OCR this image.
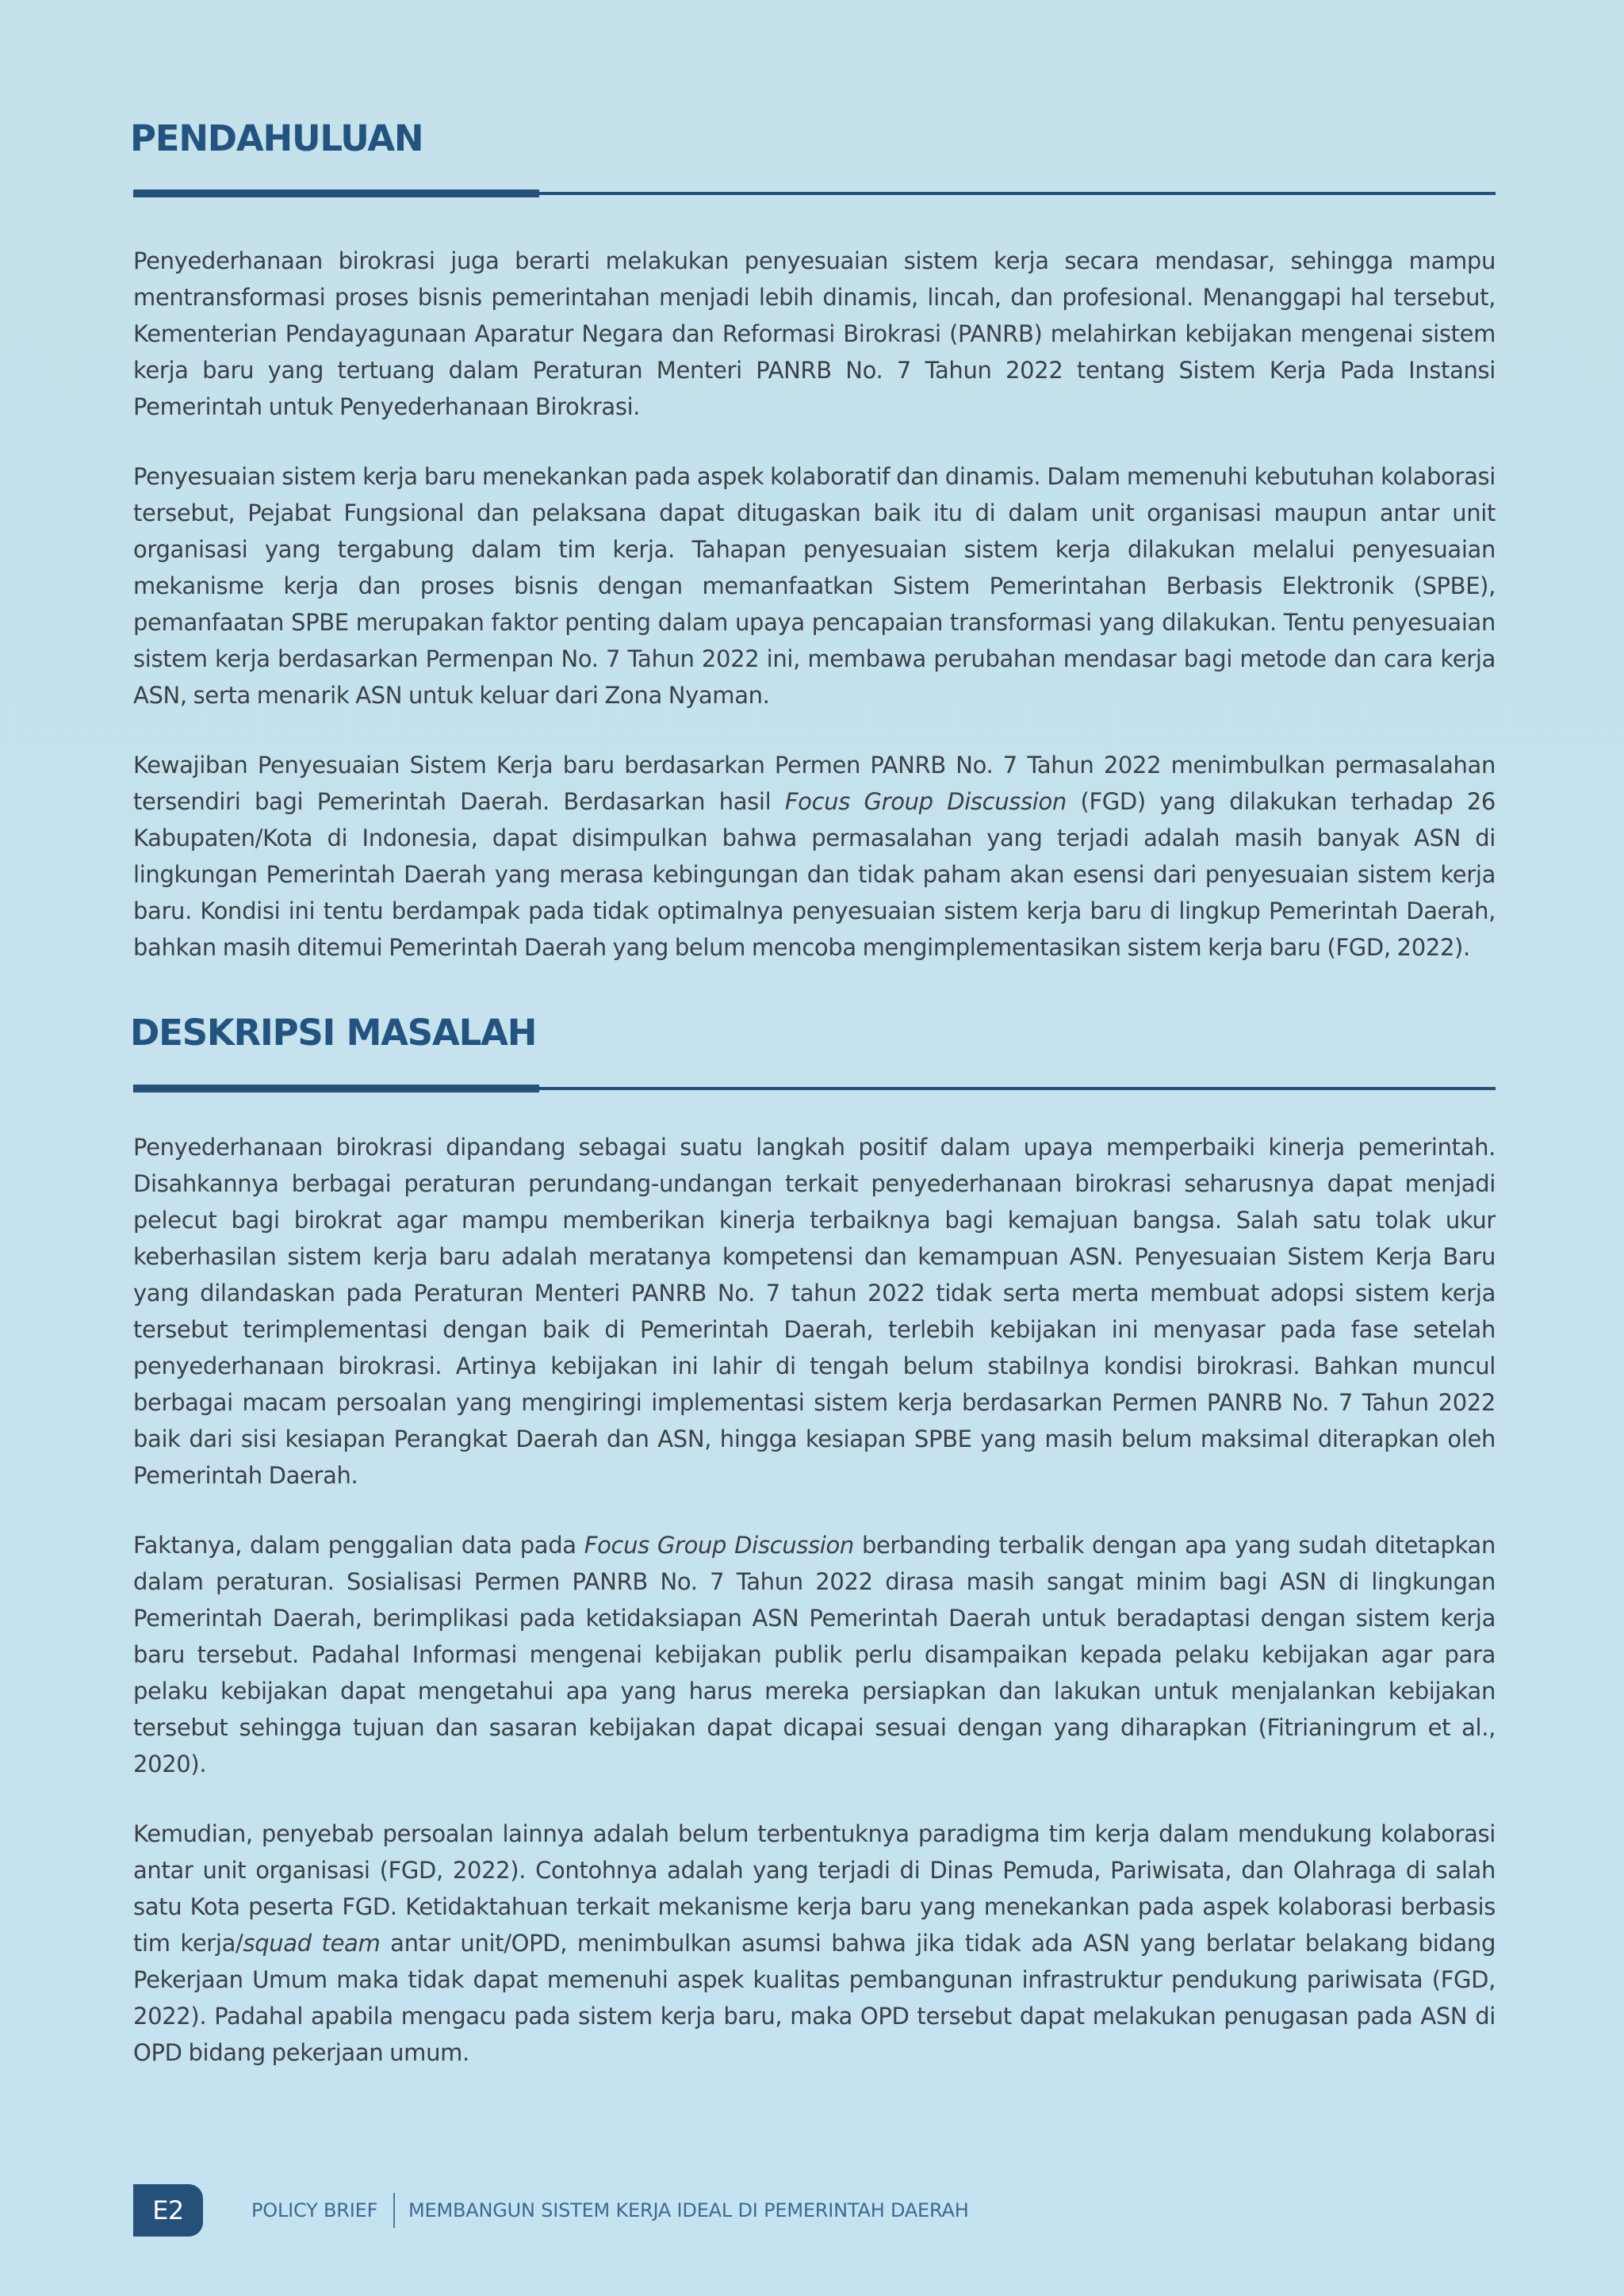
PENDAHULUAN

Penyederhanaan birokrasi juga berarti melakukan penyesuaian sistem kerja secara mendasar, sehingga mampu mentransformasi proses bisnis pemerintahan menjadi lebih dinamis, lincah, dan profesional. Menanggapi hal tersebut, Kementerian Pendayagunaan Aparatur Negara dan Reformasi Birokrasi (PANRB) melahirkan kebijakan mengenai sistem kerja baru yang tertuang dalam Peraturan Menteri PANRB No. 7 Tahun 2022 tentang Sistem Kerja Pada Instansi Pemerintah untuk Penyederhanaan Birokrasi.

Penyesuaian sistem kerja baru menekankan pada aspek kolaboratif dan dinamis. Dalam memenuhi kebutuhan kolaborasi tersebut, Pejabat Fungsional dan pelaksana dapat ditugaskan baik itu di dalam unit organisasi maupun antar unit organisasi yang tergabung dalam tim kerja. Tahapan penyesuaian sistem kerja dilakukan melalui penyesuaian mekanisme kerja dan proses bisnis dengan memanfaatkan Sistem Pemerintahan Berbasis Elektronik (SPBE), pemanfaatan SPBE merupakan faktor penting dalam upaya pencapaian transformasi yang dilakukan. Tentu penyesuaian sistem kerja berdasarkan Permenpan No. 7 Tahun 2022 ini, membawa perubahan mendasar bagi metode dan cara kerja ASN, serta menarik ASN untuk keluar dari Zona Nyaman.

Kewajiban Penyesuaian Sistem Kerja baru berdasarkan Permen PANRB No. 7 Tahun 2022 menimbulkan permasalahan tersendiri bagi Pemerintah Daerah. Berdasarkan hasil Focus Group Discussion (FGD) yang dilakukan terhadap 26 Kabupaten/Kota di Indonesia, dapat disimpulkan bahwa permasalahan yang terjadi adalah masih banyak ASN di lingkungan Pemerintah Daerah yang merasa kebingungan dan tidak paham akan esensi dari penyesuaian sistem kerja baru. Kondisi ini tentu berdampak pada tidak optimalnya penyesuaian sistem kerja baru di lingkup Pemerintah Daerah, bahkan masih ditemui Pemerintah Daerah yang belum mencoba mengimplementasikan sistem kerja baru (FGD, 2022).

DESKRIPSI MASALAH

Penyederhanaan birokrasi dipandang sebagai suatu langkah positif dalam upaya memperbaiki kinerja pemerintah. Disahkannya berbagai peraturan perundang-undangan terkait penyederhanaan birokrasi seharusnya dapat menjadi pelecut bagi birokrat agar mampu memberikan kinerja terbaiknya bagi kemajuan bangsa. Salah satu tolak ukur keberhasilan sistem kerja baru adalah meratanya kompetensi dan kemampuan ASN. Penyesuaian Sistem Kerja Baru yang dilandaskan pada Peraturan Menteri PANRB No. 7 tahun 2022 tidak serta merta membuat adopsi sistem kerja tersebut terimplementasi dengan baik di Pemerintah Daerah, terlebih kebijakan ini menyasar pada fase setelah penyederhanaan birokrasi. Artinya kebijakan ini lahir di tengah belum stabilnya kondisi birokrasi. Bahkan muncul berbagai macam persoalan yang mengiringi implementasi sistem kerja berdasarkan Permen PANRB No. 7 Tahun 2022 baik dari sisi kesiapan Perangkat Daerah dan ASN, hingga kesiapan SPBE yang masih belum maksimal diterapkan oleh Pemerintah Daerah.

Faktanya, dalam penggalian data pada Focus Group Discussion berbanding terbalik dengan apa yang sudah ditetapkan dalam peraturan. Sosialisasi Permen PANRB No. 7 Tahun 2022 dirasa masih sangat minim bagi ASN di lingkungan Pemerintah Daerah, berimplikasi pada ketidaksiapan ASN Pemerintah Daerah untuk beradaptasi dengan sistem kerja baru tersebut. Padahal Informasi mengenai kebijakan publik perlu disampaikan kepada pelaku kebijakan agar para pelaku kebijakan dapat mengetahui apa yang harus mereka persiapkan dan lakukan untuk menjalankan kebijakan tersebut sehingga tujuan dan sasaran kebijakan dapat dicapai sesuai dengan yang diharapkan (Fitrianingrum et al., 2020).

Kemudian, penyebab persoalan lainnya adalah belum terbentuknya paradigma tim kerja dalam mendukung kolaborasi antar unit organisasi (FGD, 2022). Contohnya adalah yang terjadi di Dinas Pemuda, Pariwisata, dan Olahraga di salah satu Kota peserta FGD. Ketidaktahuan terkait mekanisme kerja baru yang menekankan pada aspek kolaborasi berbasis tim kerja/squad team antar unit/OPD, menimbulkan asumsi bahwa jika tidak ada ASN yang berlatar belakang bidang Pekerjaan Umum maka tidak dapat memenuhi aspek kualitas pembangunan infrastruktur pendukung pariwisata (FGD, 2022). Padahal apabila mengacu pada sistem kerja baru, maka OPD tersebut dapat melakukan penugasan pada ASN di OPD bidang pekerjaan umum.

E2	POLICY BRIEF MEMBANGUN SISTEM KERJA IDEAL DI PEMERINTAH DAERAH
